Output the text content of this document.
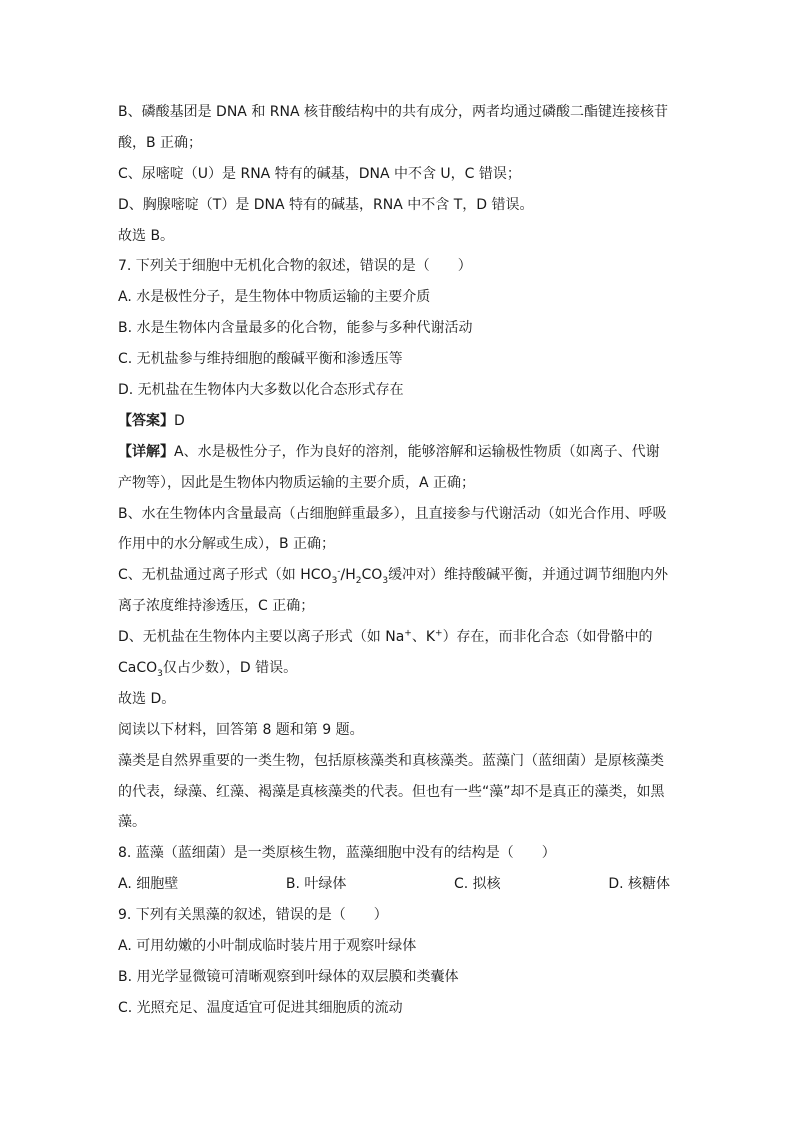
B、磷酸基团是 DNA 和 RNA 核苷酸结构中的共有成分，两者均通过磷酸二酯键连接核苷
酸，B 正确；
C、尿嘧啶（U）是 RNA 特有的碱基，DNA 中不含 U，C 错误；
D、胸腺嘧啶（T）是 DNA 特有的碱基，RNA 中不含 T，D 错误。
故选 B。
7. 下列关于细胞中无机化合物的叙述，错误的是（　　）
A. 水是极性分子，是生物体中物质运输的主要介质
B. 水是生物体内含量最多的化合物，能参与多种代谢活动
C. 无机盐参与维持细胞的酸碱平衡和渗透压等
D. 无机盐在生物体内大多数以化合态形式存在
【答案】D
【详解】A、水是极性分子，作为良好的溶剂，能够溶解和运输极性物质（如离子、代谢
产物等），因此是生物体内物质运输的主要介质，A 正确；
B、水在生物体内含量最高（占细胞鲜重最多），且直接参与代谢活动（如光合作用、呼吸
作用中的水分解或生成），B 正确；
C、无机盐通过离子形式（如 $HCO_3^-/H_2CO_3$缓冲对）维持酸碱平衡，并通过调节细胞内外
离子浓度维持渗透压，C 正确；
D、无机盐在生物体内主要以离子形式（如 Na+、K+）存在，而非化合态（如骨骼中的
CaCO$_3$仅占少数），D 错误。
故选 D。
阅读以下材料，回答第 8 题和第 9 题。
藻类是自然界重要的一类生物，包括原核藻类和真核藻类。蓝藻门（蓝细菌）是原核藻类
的代表，绿藻、红藻、褐藻是真核藻类的代表。但也有一些“藻”却不是真正的藻类，如黑
藻。
8. 蓝藻（蓝细菌）是一类原核生物，蓝藻细胞中没有的结构是（　　）
A. 细胞壁	B. 叶绿体	C. 拟核	D. 核糖体
9. 下列有关黑藻的叙述，错误的是（　　）
A. 可用幼嫩的小叶制成临时装片用于观察叶绿体
B. 用光学显微镜可清晰观察到叶绿体的双层膜和类囊体
C. 光照充足、温度适宜可促进其细胞质的流动
